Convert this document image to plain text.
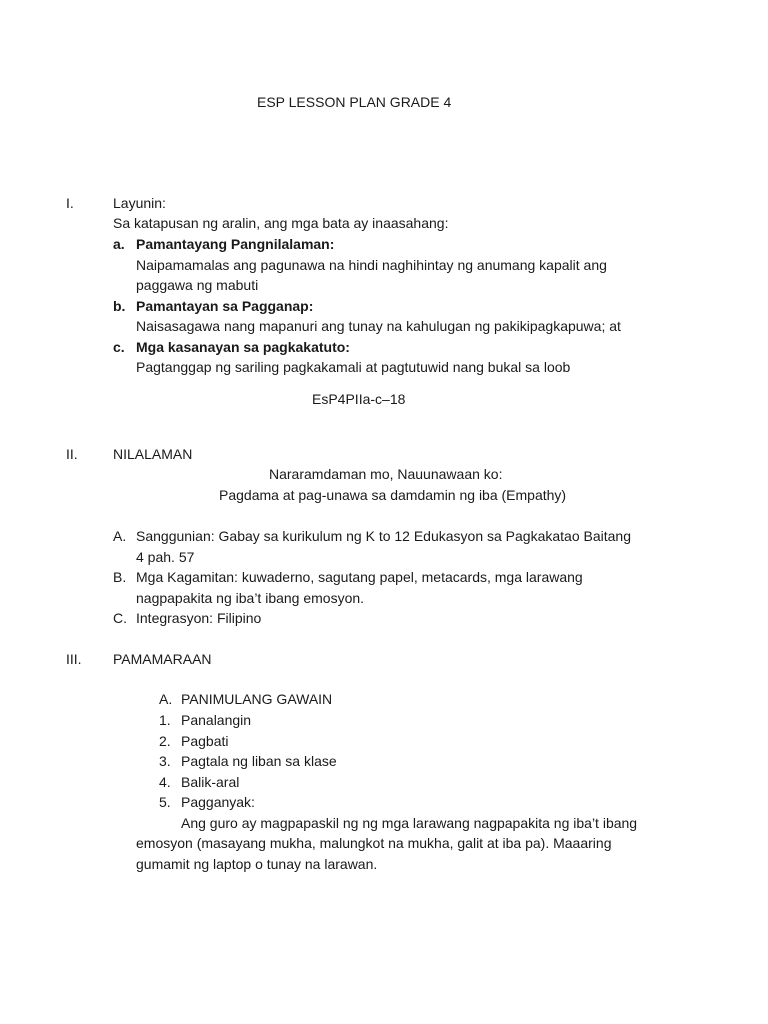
ESP LESSON PLAN GRADE 4
I.	Layunin:
Sa katapusan ng aralin, ang mga bata ay inaasahang:
a. Pamantayang Pangnilalaman:
Naipamamalas ang pagunawa na hindi naghihintay ng anumang kapalit ang
paggawa ng mabuti
b. Pamantayan sa Pagganap:
Naisasagawa nang mapanuri ang tunay na kahulugan ng pakikipagkapuwa; at
c. Mga kasanayan sa pagkakatuto:
Pagtanggap ng sariling pagkakamali at pagtutuwid nang bukal sa loob
EsP4PIIa-c–18
II.	NILALAMAN
Nararamdaman mo, Nauunawaan ko:
Pagdama at pag-unawa sa damdamin ng iba (Empathy)
A. Sanggunian: Gabay sa kurikulum ng K to 12 Edukasyon sa Pagkakatao Baitang
4 pah. 57
B. Mga Kagamitan: kuwaderno, sagutang papel, metacards, mga larawang
nagpapakita ng iba’t ibang emosyon.
C. Integrasyon: Filipino
III. PAMAMARAAN
A. PANIMULANG GAWAIN
1. Panalangin
2. Pagbati
3. Pagtala ng liban sa klase
4. Balik-aral
5. Pagganyak:
Ang guro ay magpapaskil ng ng mga larawang nagpapakita ng iba’t ibang
emosyon (masayang mukha, malungkot na mukha, galit at iba pa). Maaaring
gumamit ng laptop o tunay na larawan.
